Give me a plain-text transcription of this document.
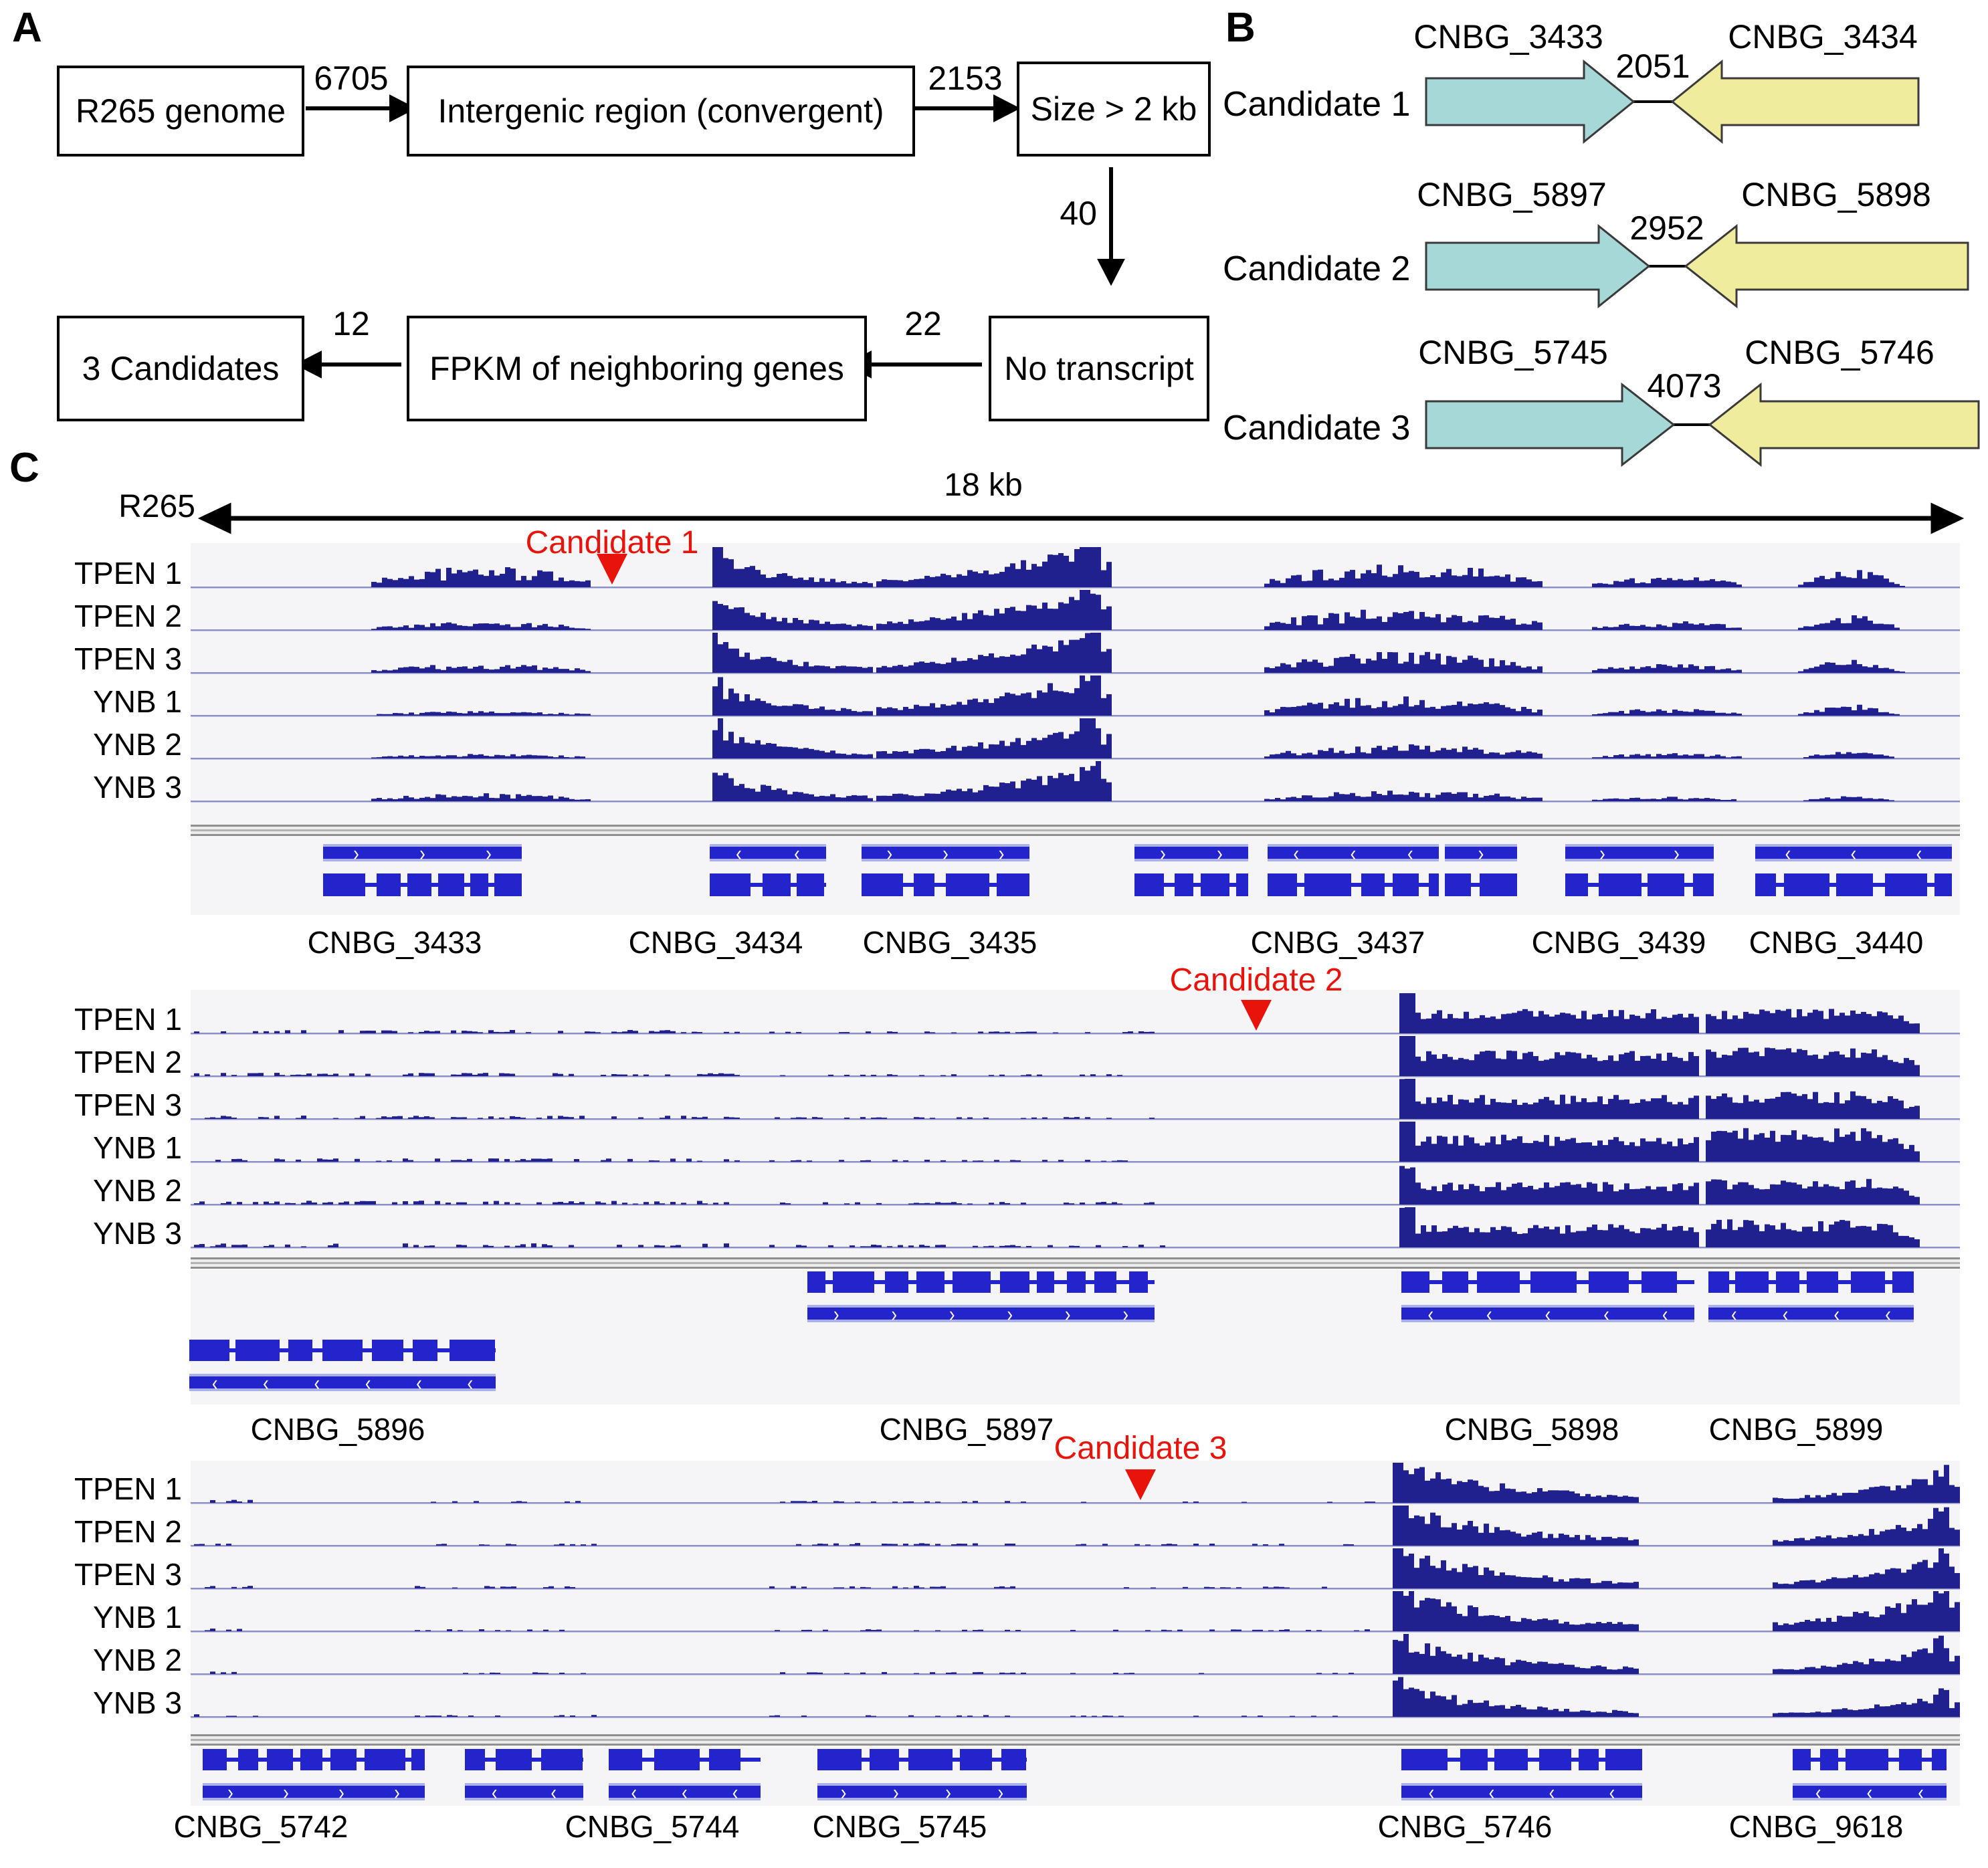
A
R265 genome
6705
Intergenic region (convergent)
2153
Size > 2 kb
40
3 Candidates
12
FPKM of neighboring genes
22
No transcript
B	CNBG_3433	CNBG_3434
2051
Candidate 1
CNBG_5897	CNBG_5898
2952
Candidate 2
CNBG_5745	CNBG_5746
4073
Candidate 3
C	18 kb
R265
›	›	›	‹	‹	›	›	›	›	›	‹	‹	‹	›	›	›	‹	‹	‹
CNBG_3433	CNBG_3434	CNBG_3435	CNBG_3437	CNBG_3439	CNBG_3440
TPEN 1
TPEN 2
TPEN 3
YNB 1
YNB 2
YNB 3
Candidate 1
›	›	›	›	›	›	‹	‹	‹	‹	‹	‹	‹	‹	‹
‹	‹	‹	‹	‹	‹
CNBG_5896	CNBG_5897	CNBG_5898	CNBG_5899
TPEN 1
TPEN 2
TPEN 3
YNB 1
YNB 2
YNB 3
Candidate 2
›	›	›	›	‹	‹	‹	‹	‹	›	›	›	›	‹	‹	‹	‹	‹	‹	‹
CNBG_5742	CNBG_5744	CNBG_5745	CNBG_5746	CNBG_9618
TPEN 1
TPEN 2
TPEN 3
YNB 1
YNB 2
YNB 3
Candidate 3
